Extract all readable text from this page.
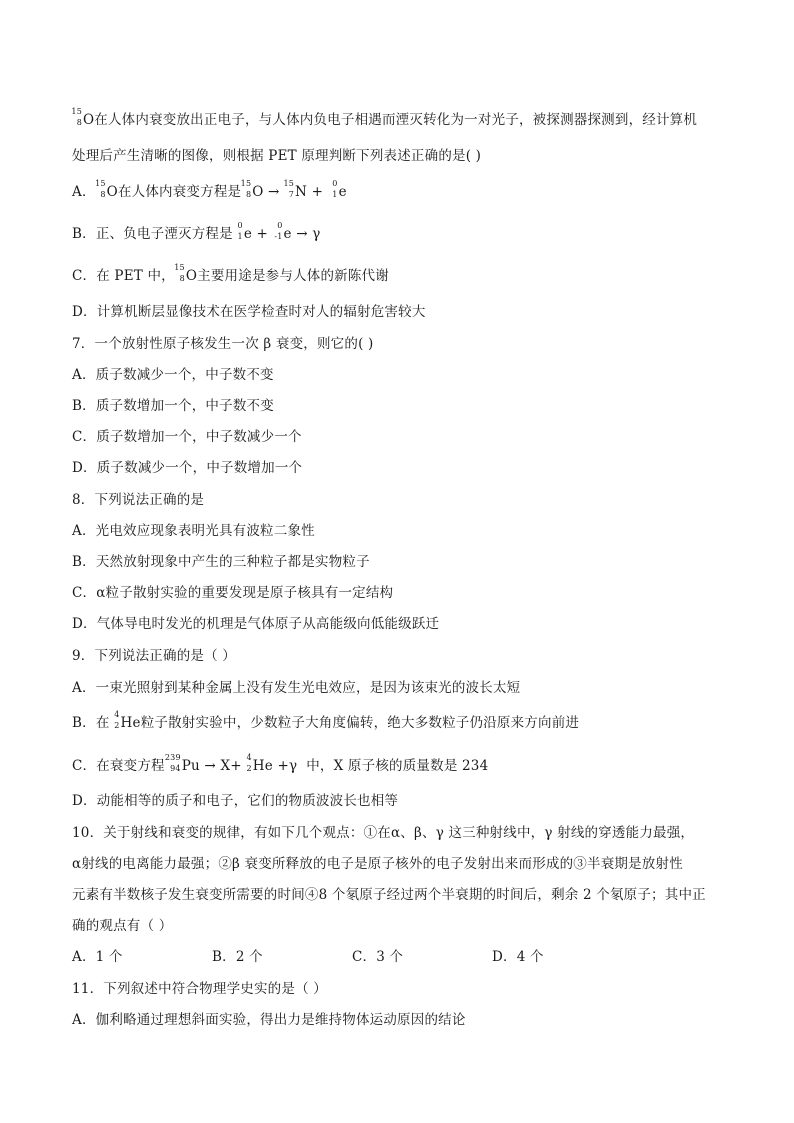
15
8 O在人体内衰变放出正电子，与人体内负电子相遇而湮灭转化为一对光子，被探测器探测到，经计算机
处理后产生清晰的图像，则根据 PET 原理判断下列表述正确的是( )
A．
15
8 O在人体内衰变方程是
15
8 O →
15
7 N +
0
1 e
B．正、负电子湮灭方程是
0
1 e +
0
-1 e → γ
C．在 PET 中，
15
8 O主要用途是参与人体的新陈代谢
D．计算机断层显像技术在医学检查时对人的辐射危害较大
7．一个放射性原子核发生一次 β 衰变，则它的( )
A．质子数减少一个，中子数不变
B．质子数增加一个，中子数不变
C．质子数增加一个，中子数减少一个
D．质子数减少一个，中子数增加一个
8．下列说法正确的是
A．光电效应现象表明光具有波粒二象性
B．天然放射现象中产生的三种粒子都是实物粒子
C．α粒子散射实验的重要发现是原子核具有一定结构
D．气体导电时发光的机理是气体原子从高能级向低能级跃迁
9．下列说法正确的是（ ）
A．一束光照射到某种金属上没有发生光电效应，是因为该束光的波长太短
B．在
4
2 He粒子散射实验中，少数粒子大角度偏转，绝大多数粒子仍沿原来方向前进
C．在衰变方程
239
94 Pu → X+
4
2 He +γ 中，X 原子核的质量数是 234
D．动能相等的质子和电子，它们的物质波波长也相等
10．关于射线和衰变的规律，有如下几个观点：①在α、β、γ 这三种射线中，γ 射线的穿透能力最强，
α射线的电离能力最强；②β 衰变所释放的电子是原子核外的电子发射出来而形成的③半衰期是放射性
元素有半数核子发生衰变所需要的时间④8 个氡原子经过两个半衰期的时间后，剩余 2 个氡原子；其中正
确的观点有（ ）
A．1 个	B．2 个	C．3 个	D．4 个
11．下列叙述中符合物理学史实的是（ ）
A．伽利略通过理想斜面实验，得出力是维持物体运动原因的结论
